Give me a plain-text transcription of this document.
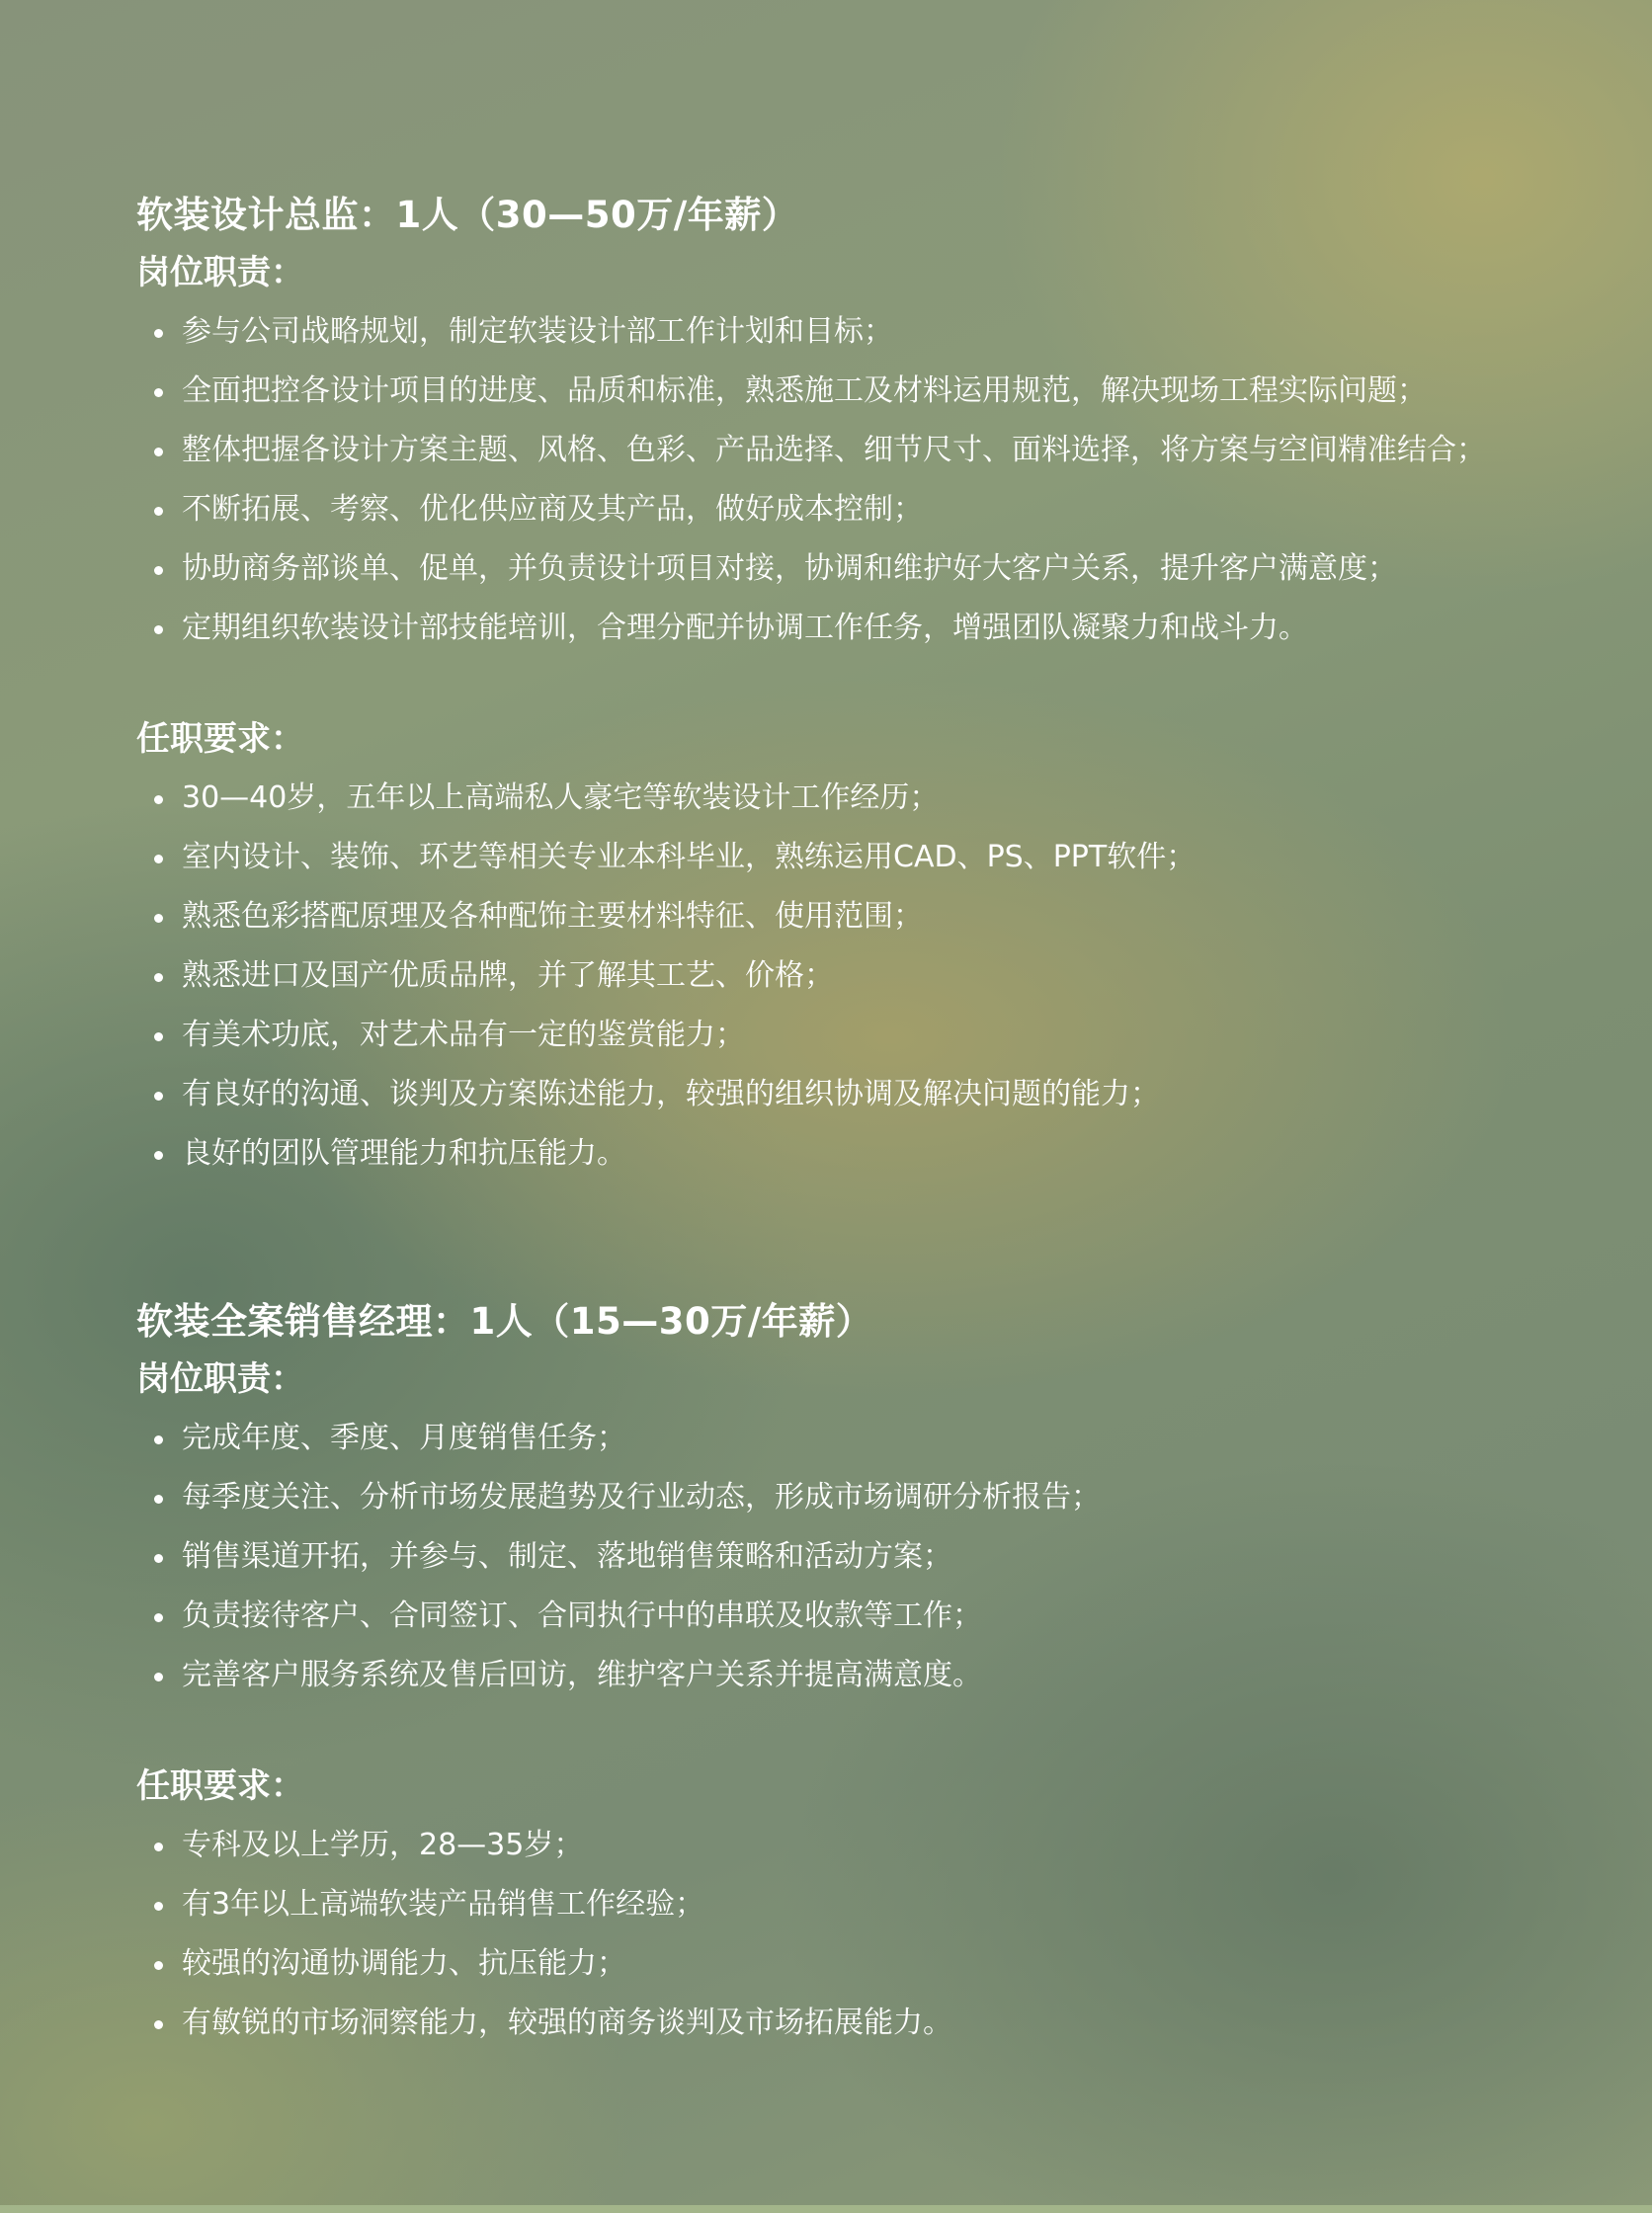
软装设计总监：1人（30—50万/年薪）
岗位职责：
参与公司战略规划，制定软装设计部工作计划和目标；
全面把控各设计项目的进度、品质和标准，熟悉施工及材料运用规范，解决现场工程实际问题；
整体把握各设计方案主题、风格、色彩、产品选择、细节尺寸、面料选择，将方案与空间精准结合；
不断拓展、考察、优化供应商及其产品，做好成本控制；
协助商务部谈单、促单，并负责设计项目对接，协调和维护好大客户关系，提升客户满意度；
定期组织软装设计部技能培训，合理分配并协调工作任务，增强团队凝聚力和战斗力。
任职要求：
30—40岁，五年以上高端私人豪宅等软装设计工作经历；
室内设计、装饰、环艺等相关专业本科毕业，熟练运用CAD、PS、PPT软件；
熟悉色彩搭配原理及各种配饰主要材料特征、使用范围；
熟悉进口及国产优质品牌，并了解其工艺、价格；
有美术功底，对艺术品有一定的鉴赏能力；
有良好的沟通、谈判及方案陈述能力，较强的组织协调及解决问题的能力；
良好的团队管理能力和抗压能力。
软装全案销售经理：1人（15—30万/年薪）
岗位职责：
完成年度、季度、月度销售任务；
每季度关注、分析市场发展趋势及行业动态，形成市场调研分析报告；
销售渠道开拓，并参与、制定、落地销售策略和活动方案；
负责接待客户、合同签订、合同执行中的串联及收款等工作；
完善客户服务系统及售后回访，维护客户关系并提高满意度。
任职要求：
专科及以上学历，28—35岁；
有3年以上高端软装产品销售工作经验；
较强的沟通协调能力、抗压能力；
有敏锐的市场洞察能力，较强的商务谈判及市场拓展能力。
